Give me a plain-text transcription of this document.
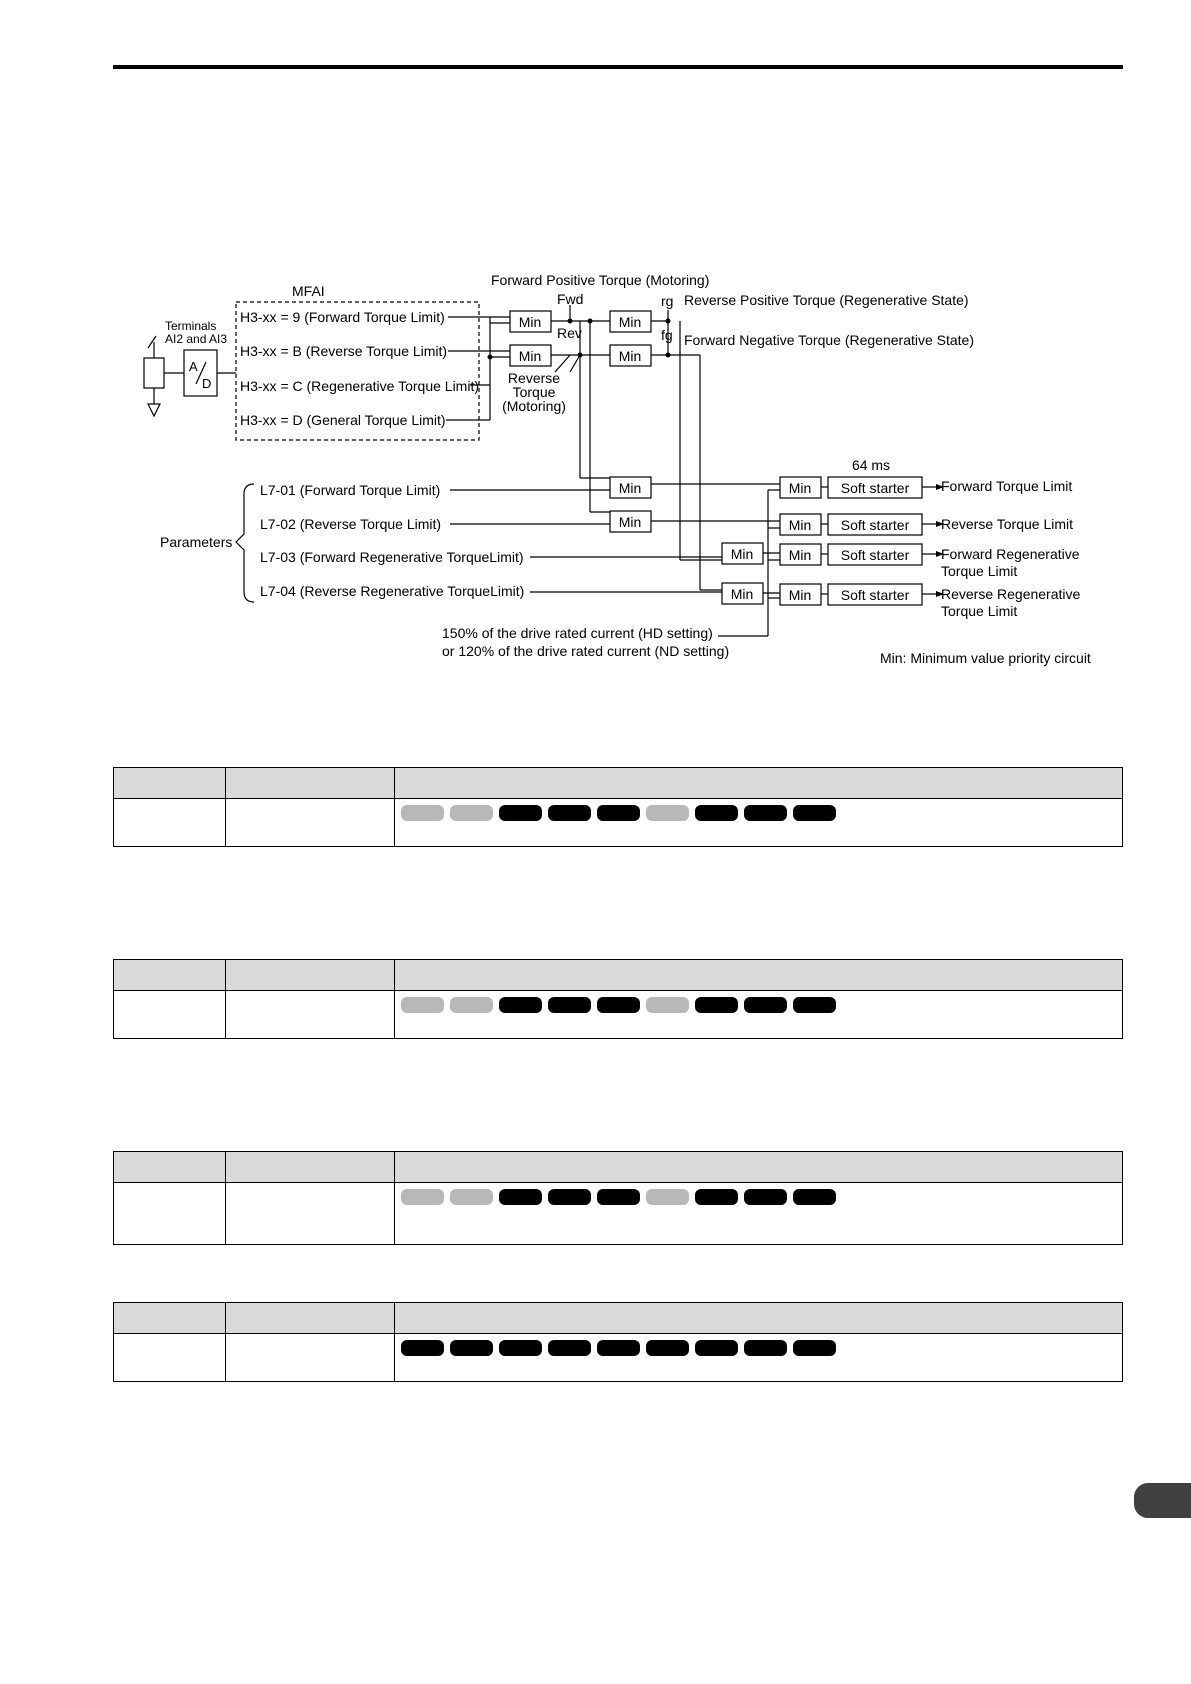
MFAI
Terminals
AI2 and AI3
A
D
H3-xx = 9 (Forward Torque Limit)
H3-xx = B (Reverse Torque Limit)
H3-xx = C (Regenerative Torque Limit)
H3-xx = D (General Torque Limit)
Forward Positive Torque (Motoring)
Fwd
Rev
rg
fg
Reverse Positive Torque (Regenerative State)
Forward Negative Torque (Regenerative State)
Reverse
Torque
(Motoring)
Min
Min
Min
Min
Min
Min
Min
Min
Min
Min
Min
Min
64 ms
Soft starter
Soft starter
Soft starter
Soft starter
Parameters
L7-01 (Forward Torque Limit)
L7-02 (Reverse Torque Limit)
L7-03 (Forward Regenerative TorqueLimit)
L7-04 (Reverse Regenerative TorqueLimit)
Forward Torque Limit
Reverse Torque Limit
Forward Regenerative
Torque Limit
Reverse Regenerative
Torque Limit
150% of the drive rated current (HD setting)
or 120% of the drive rated current (ND setting)	Min: Minimum value priority circuit
